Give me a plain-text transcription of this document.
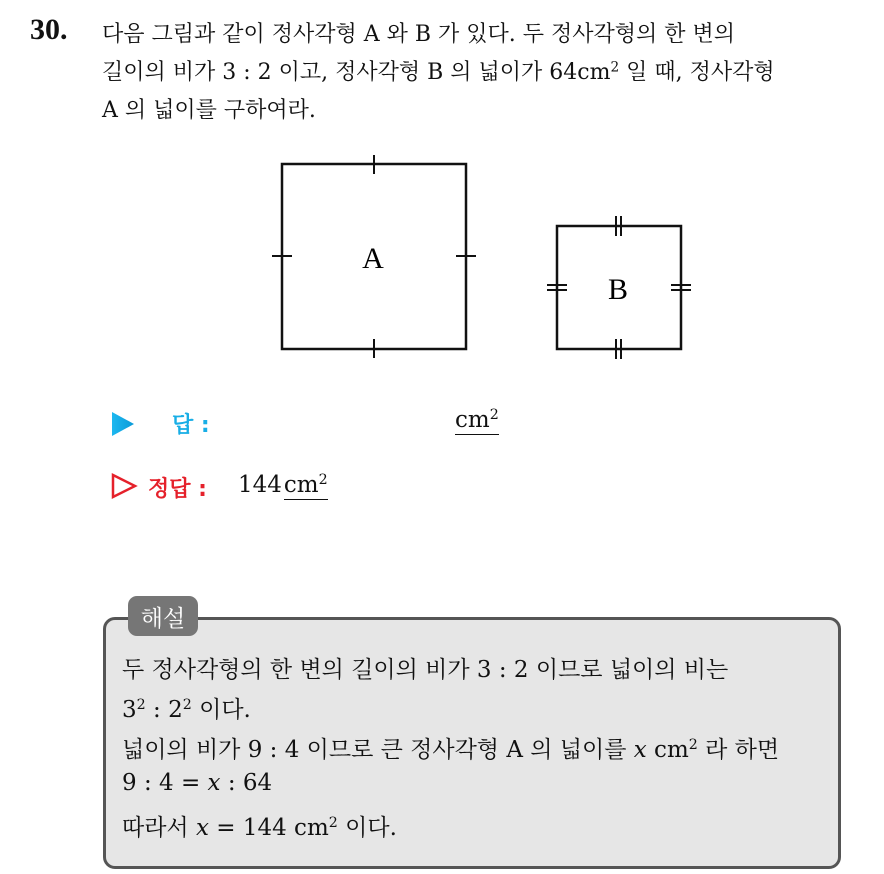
30. 다음 그림과 같이 정사각형 A 와 B 가 있다. 두 정사각형의 한 변의
길이의 비가 3 : 2 이고, 정사각형 B 의 넓이가 $64cm^2$ 일 때, 정사각형
A 의 넓이를 구하여라.
A
B
답 :	$cm^2$
정답 : $144cm^2$
해설
두 정사각형의 한 변의 길이의 비가 3 : 2 이므로 넓이의 비는
$3^2$ : $2^2$ 이다.
넓이의 비가 9 : 4 이므로 큰 정사각형 A 의 넓이를 x $cm^2$ 라 하면
9 : 4 = x : 64
따라서 x = 144 $cm^2$ 이다.
